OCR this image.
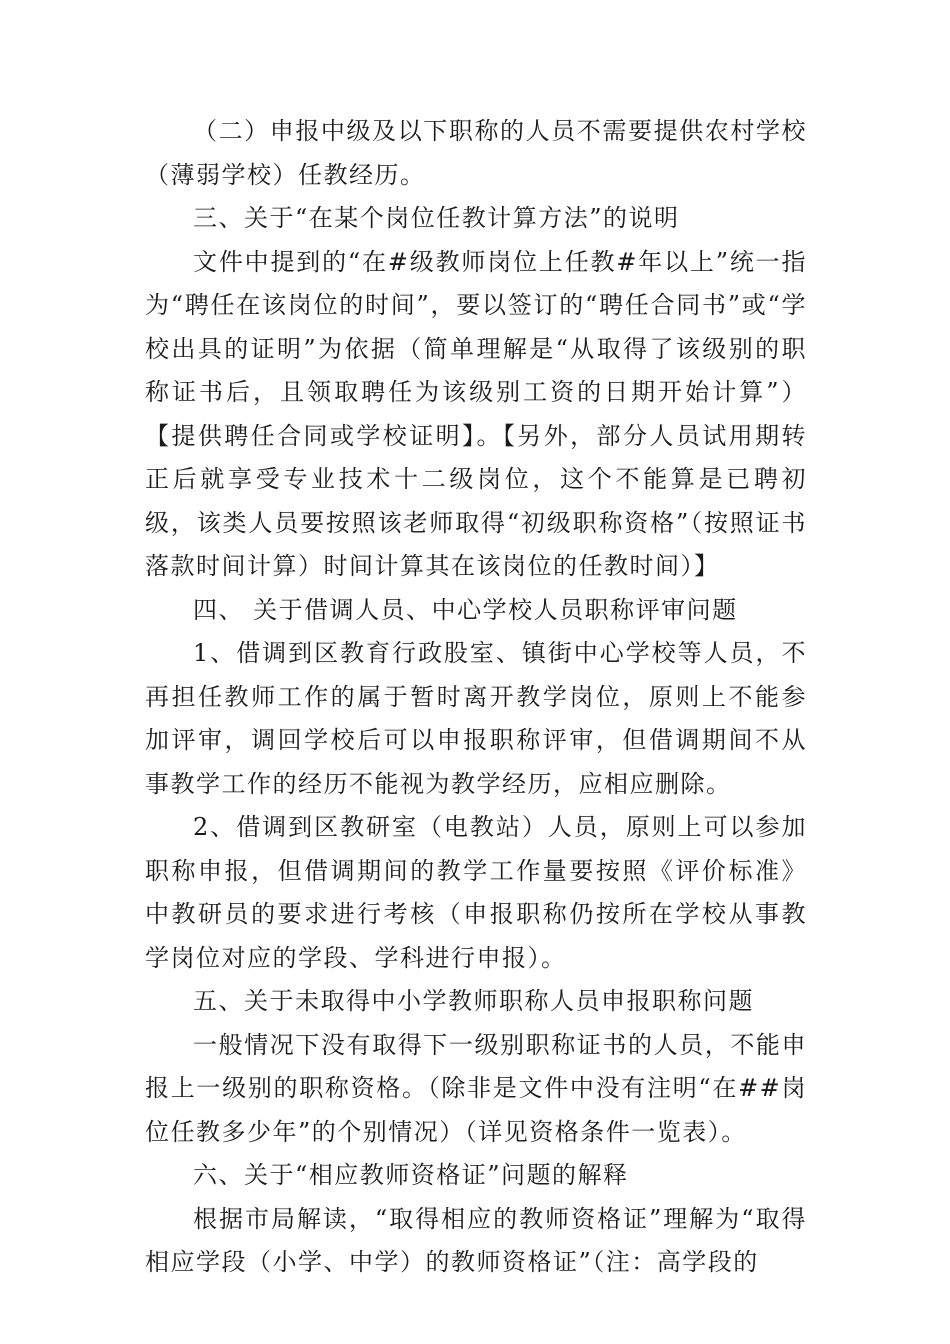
（二）申报中级及以下职称的人员不需要提供农村学校（薄弱学校）任教经历。

三、关于“在某个岗位任教计算方法”的说明

文件中提到的“在#级教师岗位上任教#年以上”统一指为“聘任在该岗位的时间”，要以签订的“聘任合同书”或“学校出具的证明”为依据（简单理解是“从取得了该级别的职称证书后，且领取聘任为该级别工资的日期开始计算”）【提供聘任合同或学校证明】。【另外，部分人员试用期转正后就享受专业技术十二级岗位，这个不能算是已聘初级，该类人员要按照该老师取得“初级职称资格”（按照证书落款时间计算）时间计算其在该岗位的任教时间）】

四、 关于借调人员、中心学校人员职称评审问题

1、借调到区教育行政股室、镇街中心学校等人员，不再担任教师工作的属于暂时离开教学岗位，原则上不能参加评审，调回学校后可以申报职称评审，但借调期间不从事教学工作的经历不能视为教学经历，应相应删除。

2、借调到区教研室（电教站）人员，原则上可以参加职称申报，但借调期间的教学工作量要按照《评价标准》中教研员的要求进行考核（申报职称仍按所在学校从事教学岗位对应的学段、学科进行申报）。

五、关于未取得中小学教师职称人员申报职称问题

一般情况下没有取得下一级别职称证书的人员，不能申报上一级别的职称资格。（除非是文件中没有注明“在##岗位任教多少年”的个别情况）（详见资格条件一览表）。

六、关于“相应教师资格证”问题的解释

根据市局解读，“取得相应的教师资格证”理解为“取得相应学段（小学、中学）的教师资格证”（注：高学段的
